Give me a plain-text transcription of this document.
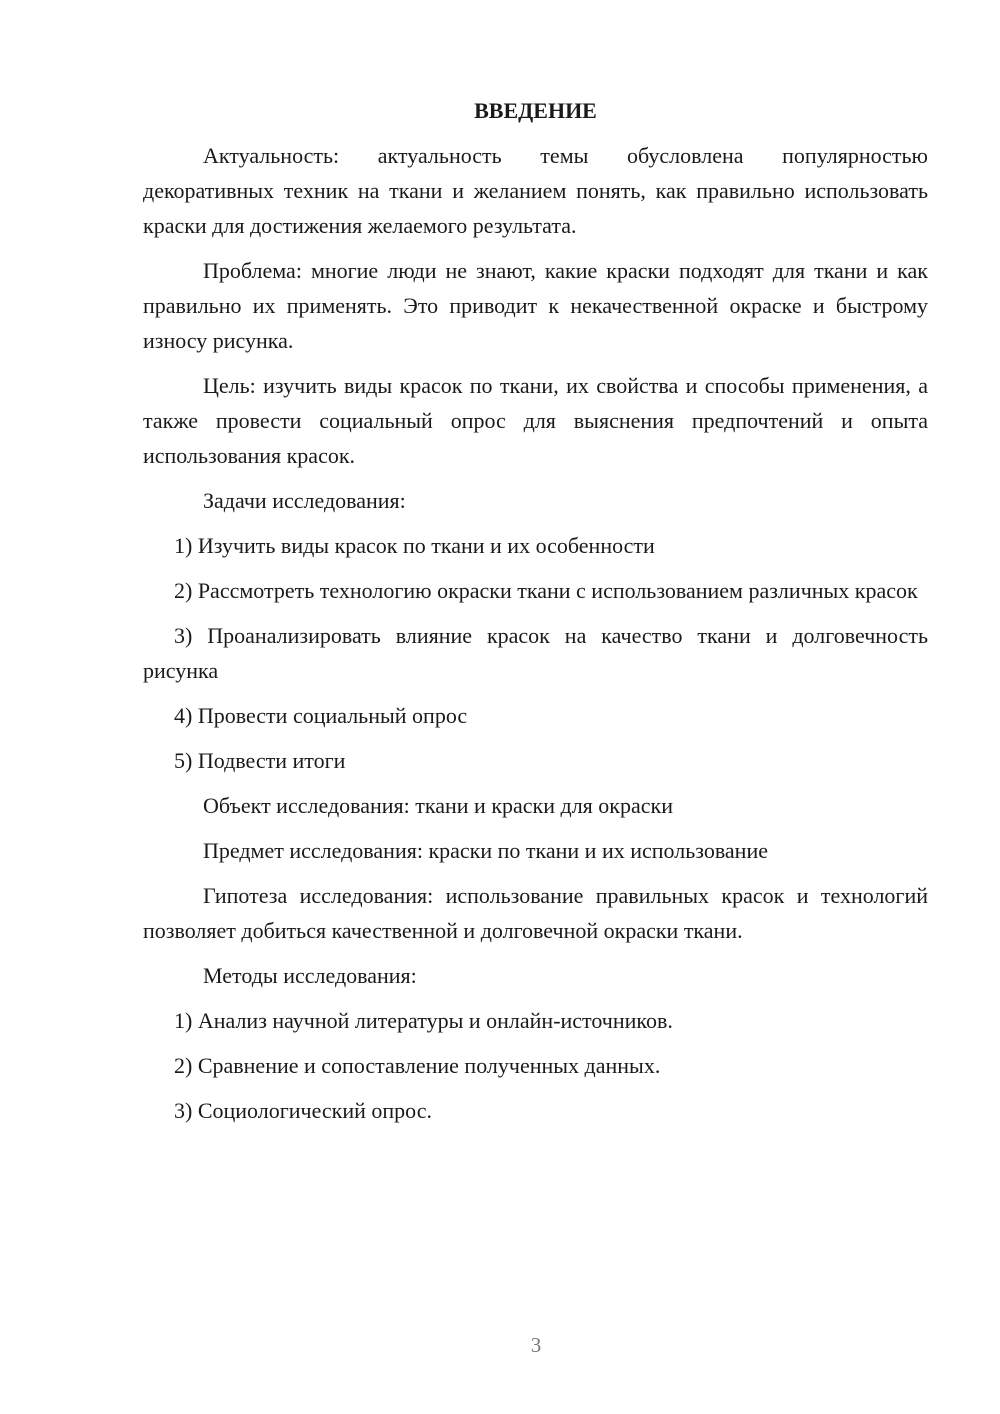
ВВЕДЕНИЕ

Актуальность: актуальность темы обусловлена популярностью декоративных техник на ткани и желанием понять, как правильно использовать краски для достижения желаемого результата.

Проблема: многие люди не знают, какие краски подходят для ткани и как правильно их применять. Это приводит к некачественной окраске и быстрому износу рисунка.

Цель: изучить виды красок по ткани, их свойства и способы применения, а также провести социальный опрос для выяснения предпочтений и опыта использования красок.

Задачи исследования:

1) Изучить виды красок по ткани и их особенности

2) Рассмотреть технологию окраски ткани с использованием различных красок

3) Проанализировать влияние красок на качество ткани и долговечность рисунка

4) Провести социальный опрос

5) Подвести итоги

Объект исследования: ткани и краски для окраски

Предмет исследования: краски по ткани и их использование

Гипотеза исследования: использование правильных красок и технологий позволяет добиться качественной и долговечной окраски ткани.

Методы исследования:

1) Анализ научной литературы и онлайн-источников.

2) Сравнение и сопоставление полученных данных.

3) Социологический опрос.

3
